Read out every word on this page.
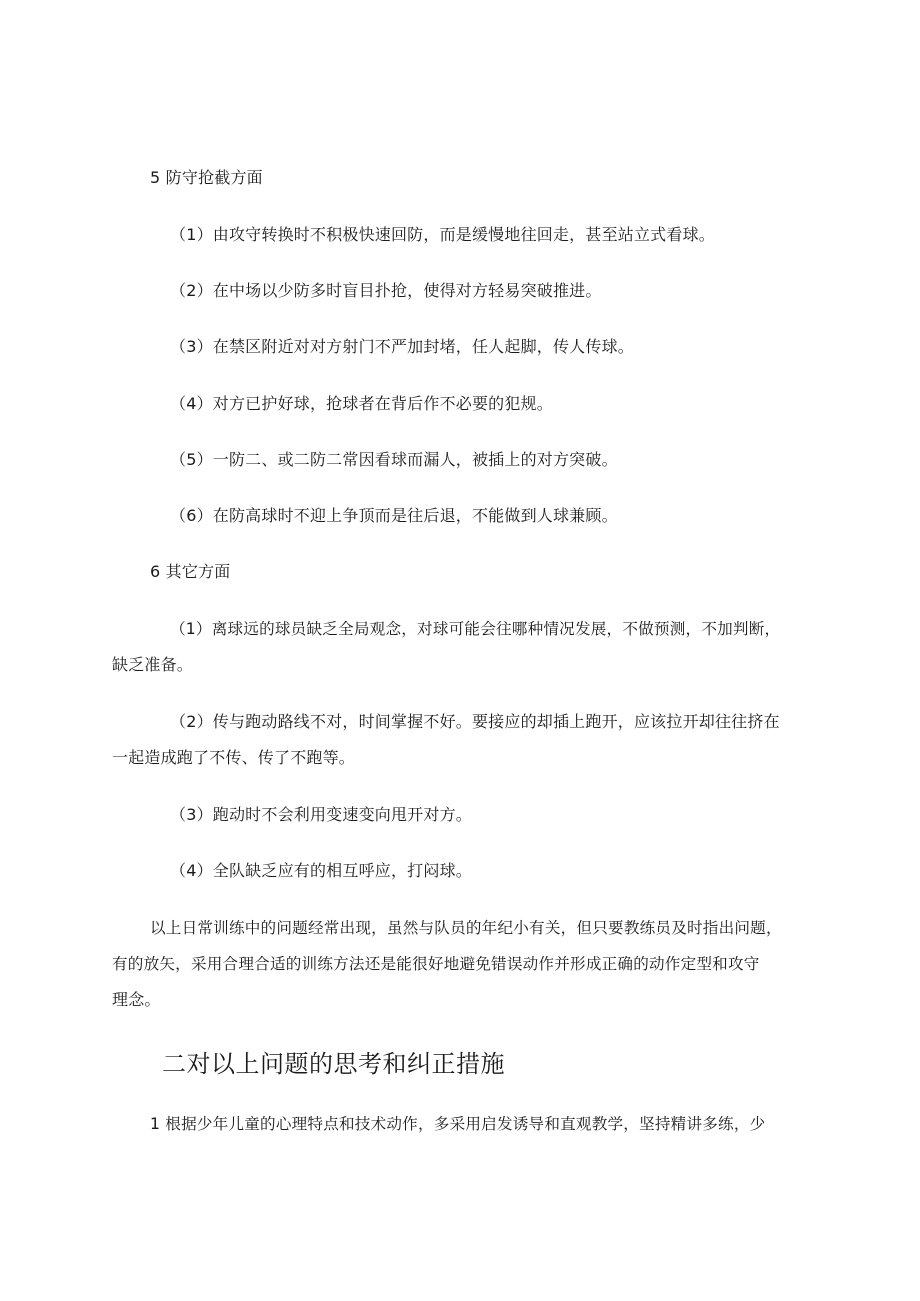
5 防守抢截方面
（1）由攻守转换时不积极快速回防，而是缓慢地往回走，甚至站立式看球。
（2）在中场以少防多时盲目扑抢，使得对方轻易突破推进。
（3）在禁区附近对对方射门不严加封堵，任人起脚，传人传球。
（4）对方已护好球，抢球者在背后作不必要的犯规。
（5）一防二、或二防二常因看球而漏人，被插上的对方突破。
（6）在防高球时不迎上争顶而是往后退，不能做到人球兼顾。
6 其它方面
（1）离球远的球员缺乏全局观念，对球可能会往哪种情况发展，不做预测，不加判断，
缺乏准备。
（2）传与跑动路线不对，时间掌握不好。要接应的却插上跑开，应该拉开却往往挤在
一起造成跑了不传、传了不跑等。
（3）跑动时不会利用变速变向甩开对方。
（4）全队缺乏应有的相互呼应，打闷球。
以上日常训练中的问题经常出现，虽然与队员的年纪小有关，但只要教练员及时指出问题，
有的放矢，采用合理合适的训练方法还是能很好地避免错误动作并形成正确的动作定型和攻守
理念。
二对以上问题的思考和纠正措施
1 根据少年儿童的心理特点和技术动作，多采用启发诱导和直观教学，坚持精讲多练，少
